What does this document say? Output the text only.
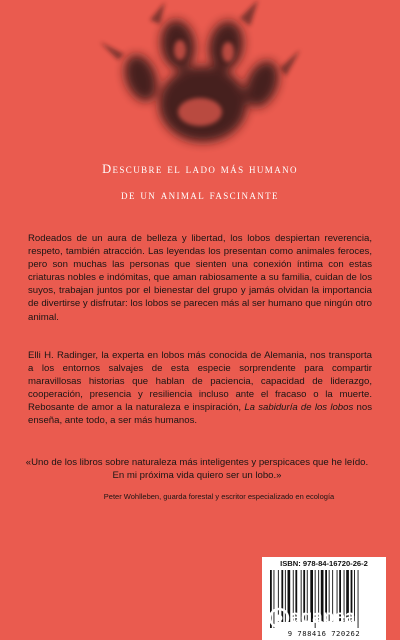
Descubre el lado más humano
de un animal fascinante

Rodeados de un aura de belleza y libertad, los lobos despiertan reverencia, respeto, también atracción. Las leyendas los presentan como animales feroces, pero son muchas las personas que sienten una conexión íntima con estas criaturas nobles e indómitas, que aman rabiosamente a su familia, cuidan de los suyos, trabajan juntos por el bienestar del grupo y jamás olvidan la importancia de divertirse y disfrutar: los lobos se parecen más al ser humano que ningún otro animal.

Elli H. Radinger, la experta en lobos más conocida de Alemania, nos transporta a los entornos salvajes de esta especie sorprendente para compartir maravillosas historias que hablan de paciencia, capacidad de liderazgo, cooperación, presencia y resiliencia incluso ante el fracaso o la muerte. Rebosante de amor a la naturaleza e inspiración, La sabiduría de los lobos nos enseña, ante todo, a ser más humanos.

«Uno de los libros sobre naturaleza más inteligentes y perspicaces que he leído. En mi próxima vida quiero ser un lobo.»

Peter Wohlleben, guarda forestal y escritor especializado en ecología
ISBN: 978-84-16720-26-2
9 788416 720262
agapea .com
